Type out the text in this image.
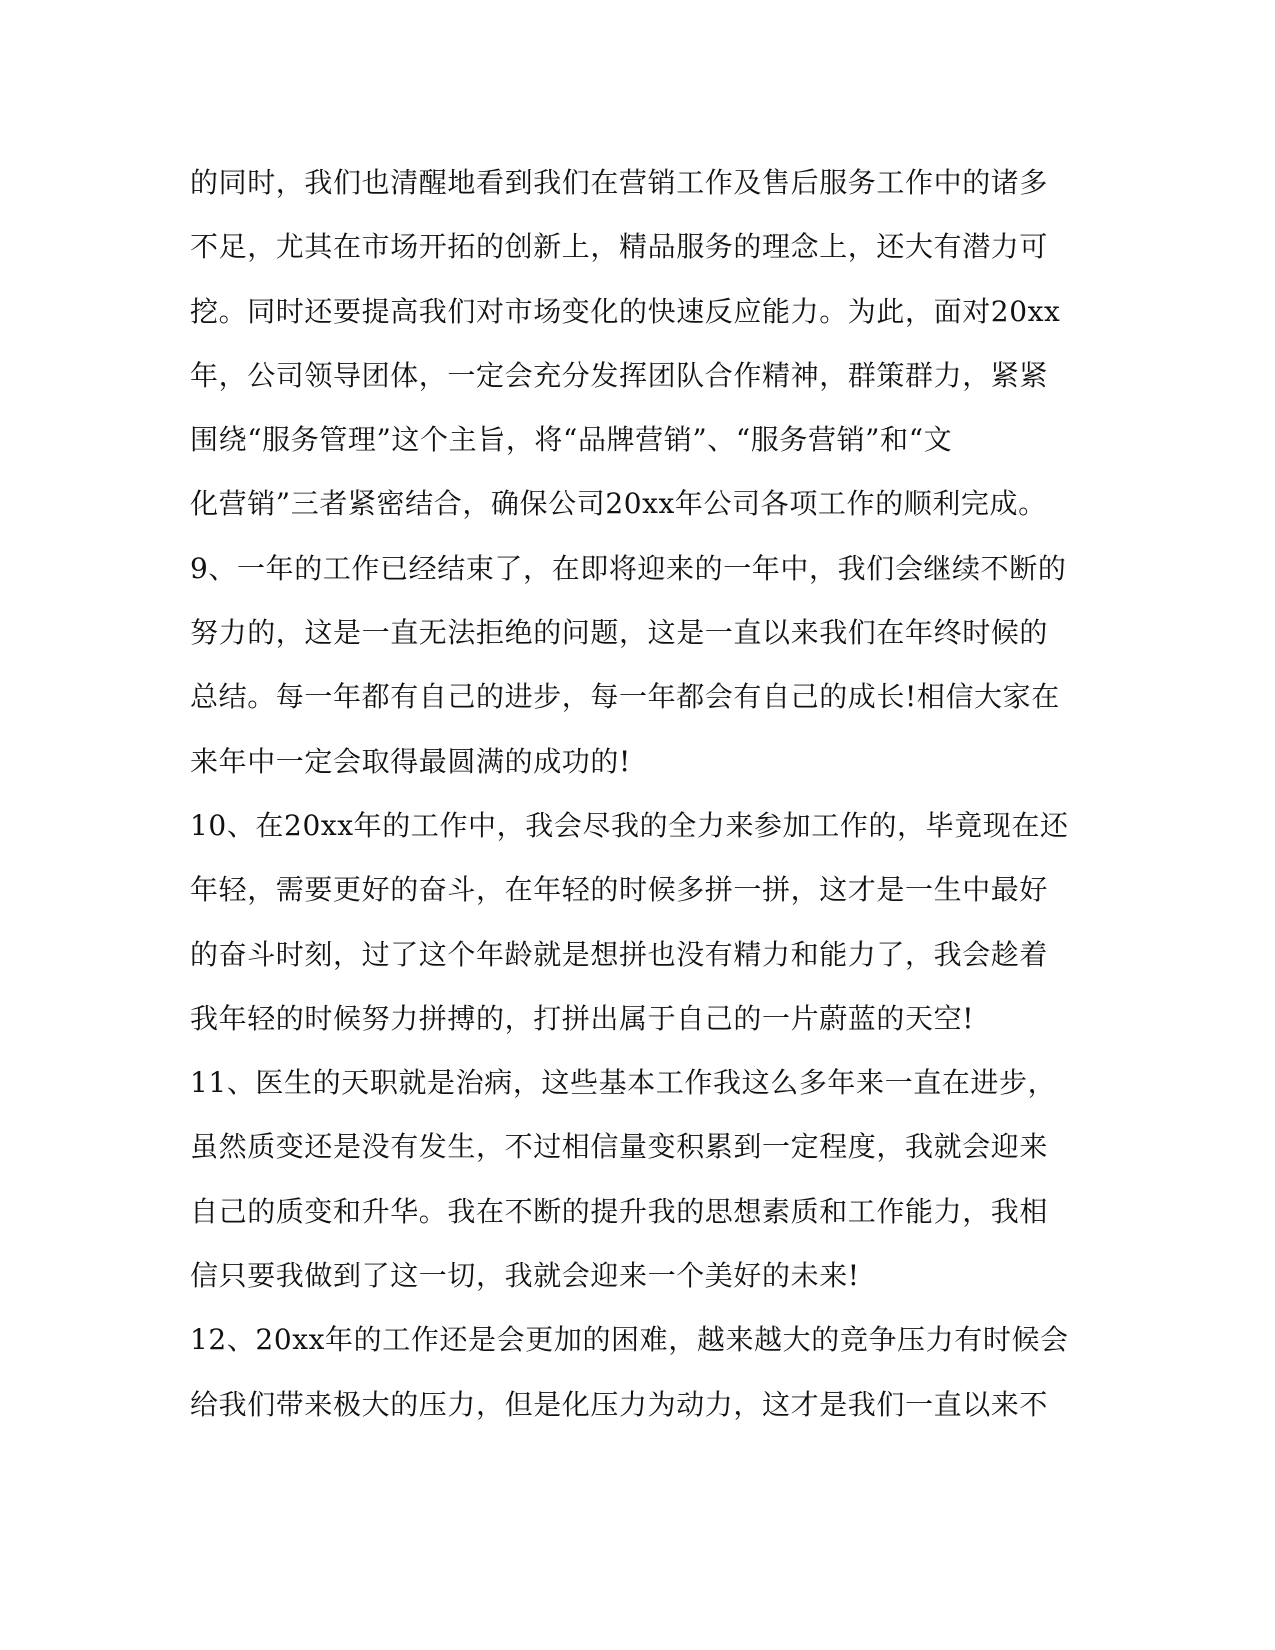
的同时，我们也清醒地看到我们在营销工作及售后服务工作中的诸多
不足，尤其在市场开拓的创新上，精品服务的理念上，还大有潜力可
挖。同时还要提高我们对市场变化的快速反应能力。为此，面对20xx
年，公司领导团体，一定会充分发挥团队合作精神，群策群力，紧紧
围绕“服务管理”这个主旨，将“品牌营销”、“服务营销”和“文
化营销”三者紧密结合，确保公司20xx年公司各项工作的顺利完成。
9、一年的工作已经结束了，在即将迎来的一年中，我们会继续不断的
努力的，这是一直无法拒绝的问题，这是一直以来我们在年终时候的
总结。每一年都有自己的进步，每一年都会有自己的成长!相信大家在
来年中一定会取得最圆满的成功的!
10、在20xx年的工作中，我会尽我的全力来参加工作的，毕竟现在还
年轻，需要更好的奋斗，在年轻的时候多拼一拼，这才是一生中最好
的奋斗时刻，过了这个年龄就是想拼也没有精力和能力了，我会趁着
我年轻的时候努力拼搏的，打拼出属于自己的一片蔚蓝的天空!
11、医生的天职就是治病，这些基本工作我这么多年来一直在进步，
虽然质变还是没有发生，不过相信量变积累到一定程度，我就会迎来
自己的质变和升华。我在不断的提升我的思想素质和工作能力，我相
信只要我做到了这一切，我就会迎来一个美好的未来!
12、20xx年的工作还是会更加的困难，越来越大的竞争压力有时候会
给我们带来极大的压力，但是化压力为动力，这才是我们一直以来不
